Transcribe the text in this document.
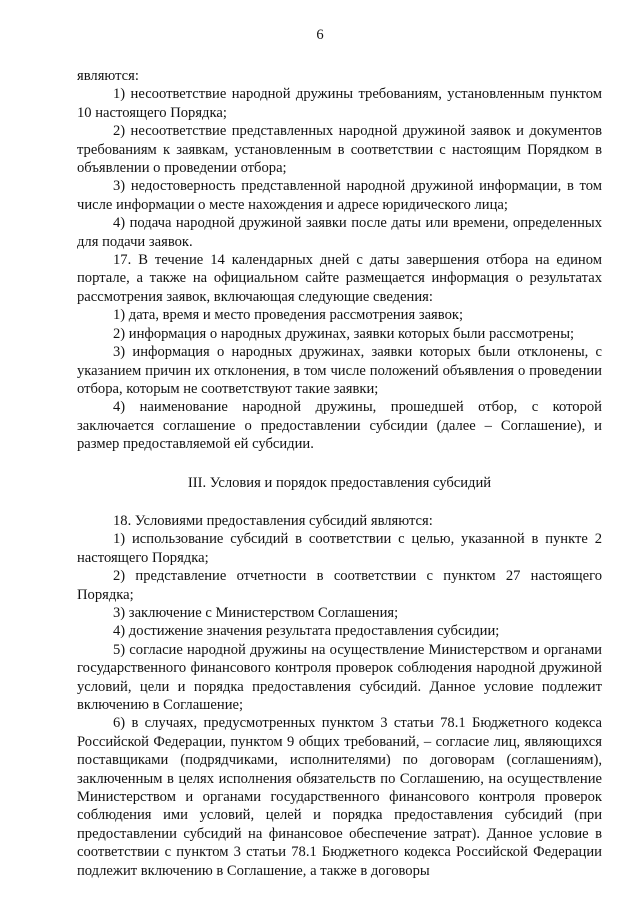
6

являются:

1) несоответствие народной дружины требованиям, установленным пунктом 10 настоящего Порядка;

2) несоответствие представленных народной дружиной заявок и документов требованиям к заявкам, установленным в соответствии с настоящим Порядком в объявлении о проведении отбора;

3) недостоверность представленной народной дружиной информации, в том числе информации о месте нахождения и адресе юридического лица;

4) подача народной дружиной заявки после даты или времени, определенных для подачи заявок.

17. В течение 14 календарных дней с даты завершения отбора на едином портале, а также на официальном сайте размещается информация о результатах рассмотрения заявок, включающая следующие сведения:

1) дата, время и место проведения рассмотрения заявок;

2) информация о народных дружинах, заявки которых были рассмотрены;

3) информация о народных дружинах, заявки которых были отклонены, с указанием причин их отклонения, в том числе положений объявления о проведении отбора, которым не соответствуют такие заявки;

4) наименование народной дружины, прошедшей отбор, с которой заключается соглашение о предоставлении субсидии (далее – Соглашение), и размер предоставляемой ей субсидии.

III. Условия и порядок предоставления субсидий

18. Условиями предоставления субсидий являются:

1) использование субсидий в соответствии с целью, указанной в пункте 2 настоящего Порядка;

2) представление отчетности в соответствии с пунктом 27 настоящего Порядка;

3) заключение с Министерством Соглашения;

4) достижение значения результата предоставления субсидии;

5) согласие народной дружины на осуществление Министерством и органами государственного финансового контроля проверок соблюдения народной дружиной условий, цели и порядка предоставления субсидий. Данное условие подлежит включению в Соглашение;

6) в случаях, предусмотренных пунктом 3 статьи 78.1 Бюджетного кодекса Российской Федерации, пунктом 9 общих требований, – согласие лиц, являющихся поставщиками (подрядчиками, исполнителями) по договорам (соглашениям), заключенным в целях исполнения обязательств по Соглашению, на осуществление Министерством и органами государственного финансового контроля проверок соблюдения ими условий, целей и порядка предоставления субсидий (при предоставлении субсидий на финансовое обеспечение затрат). Данное условие в соответствии с пунктом 3 статьи 78.1 Бюджетного кодекса Российской Федерации подлежит включению в Соглашение, а также в договоры
